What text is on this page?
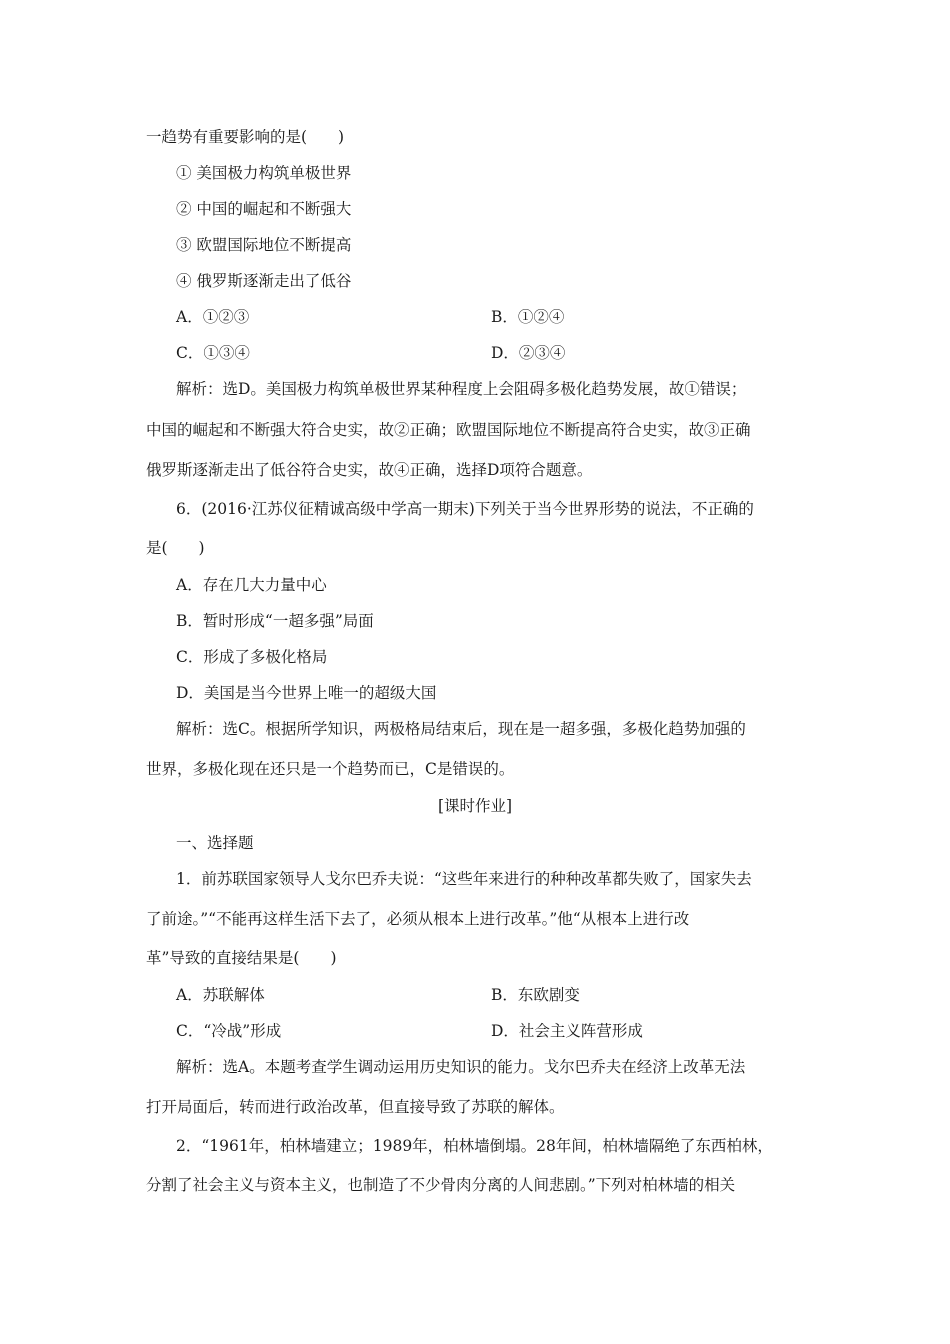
一趋势有重要影响的是(　　)
① 美国极力构筑单极世界
② 中国的崛起和不断强大
③ 欧盟国际地位不断提高
④ 俄罗斯逐渐走出了低谷
A．①②③	B．①②④
C．①③④	D．②③④
解析：选D。美国极力构筑单极世界某种程度上会阻碍多极化趋势发展，故①错误；
中国的崛起和不断强大符合史实，故②正确；欧盟国际地位不断提高符合史实，故③正确
俄罗斯逐渐走出了低谷符合史实，故④正确，选择D项符合题意。
6．(2016·江苏仪征精诚高级中学高一期末)下列关于当今世界形势的说法，不正确的
是(　　)
A．存在几大力量中心
B．暂时形成“一超多强”局面
C．形成了多极化格局
D．美国是当今世界上唯一的超级大国
解析：选C。根据所学知识，两极格局结束后，现在是一超多强，多极化趋势加强的
世界，多极化现在还只是一个趋势而已，C是错误的。
[课时作业]
一、选择题
1．前苏联国家领导人戈尔巴乔夫说：“这些年来进行的种种改革都失败了，国家失去
了前途。”“不能再这样生活下去了，必须从根本上进行改革。”他“从根本上进行改
革”导致的直接结果是(　　)
A．苏联解体	B．东欧剧变
C．“冷战”形成	D．社会主义阵营形成
解析：选A。本题考查学生调动运用历史知识的能力。戈尔巴乔夫在经济上改革无法
打开局面后，转而进行政治改革，但直接导致了苏联的解体。
2．“1961年，柏林墙建立；1989年，柏林墙倒塌。28年间，柏林墙隔绝了东西柏林，
分割了社会主义与资本主义，也制造了不少骨肉分离的人间悲剧。”下列对柏林墙的相关
